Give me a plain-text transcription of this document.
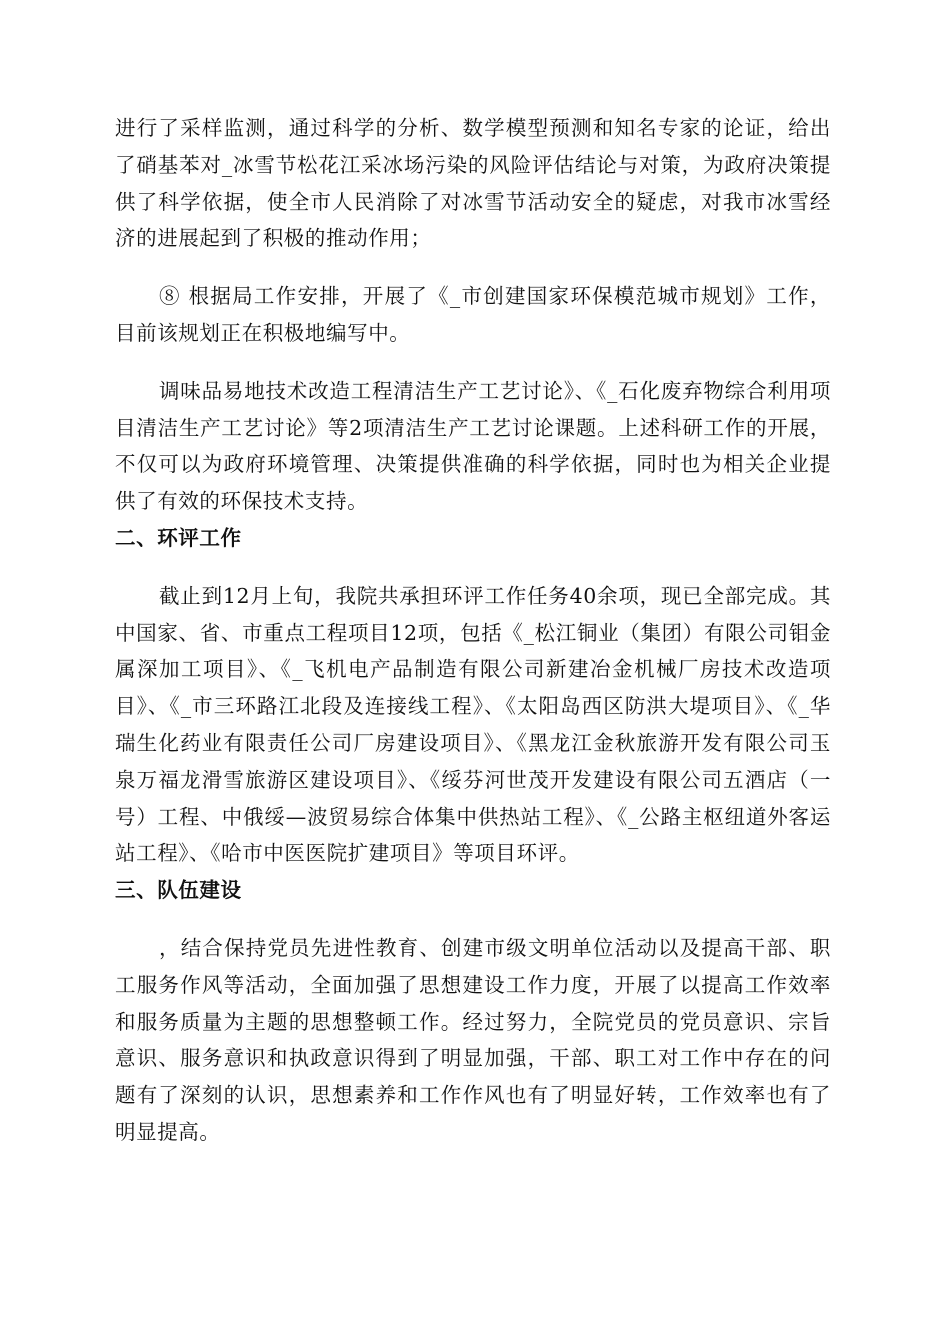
进行了采样监测，通过科学的分析、数学模型预测和知名专家的论证，给出了硝基苯对_冰雪节松花江采冰场污染的风险评估结论与对策，为政府决策提供了科学依据，使全市人民消除了对冰雪节活动安全的疑虑，对我市冰雪经济的进展起到了积极的推动作用；

⑧ 根据局工作安排，开展了《_市创建国家环保模范城市规划》工作，目前该规划正在积极地编写中。

调味品易地技术改造工程清洁生产工艺讨论》、《_石化废弃物综合利用项目清洁生产工艺讨论》等2项清洁生产工艺讨论课题。上述科研工作的开展，不仅可以为政府环境管理、决策提供准确的科学依据，同时也为相关企业提供了有效的环保技术支持。

二、环评工作

截止到12月上旬，我院共承担环评工作任务40余项，现已全部完成。其中国家、省、市重点工程项目12项，包括《_松江铜业（集团）有限公司钼金属深加工项目》、《_飞机电产品制造有限公司新建冶金机械厂房技术改造项目》、《_市三环路江北段及连接线工程》、《太阳岛西区防洪大堤项目》、《_华瑞生化药业有限责任公司厂房建设项目》、《黑龙江金秋旅游开发有限公司玉泉万福龙滑雪旅游区建设项目》、《绥芬河世茂开发建设有限公司五酒店（一号）工程、中俄绥—波贸易综合体集中供热站工程》、《_公路主枢纽道外客运站工程》、《哈市中医医院扩建项目》等项目环评。

三、队伍建设

，结合保持党员先进性教育、创建市级文明单位活动以及提高干部、职工服务作风等活动，全面加强了思想建设工作力度，开展了以提高工作效率和服务质量为主题的思想整顿工作。经过努力，全院党员的党员意识、宗旨意识、服务意识和执政意识得到了明显加强，干部、职工对工作中存在的问题有了深刻的认识，思想素养和工作作风也有了明显好转，工作效率也有了明显提高。
